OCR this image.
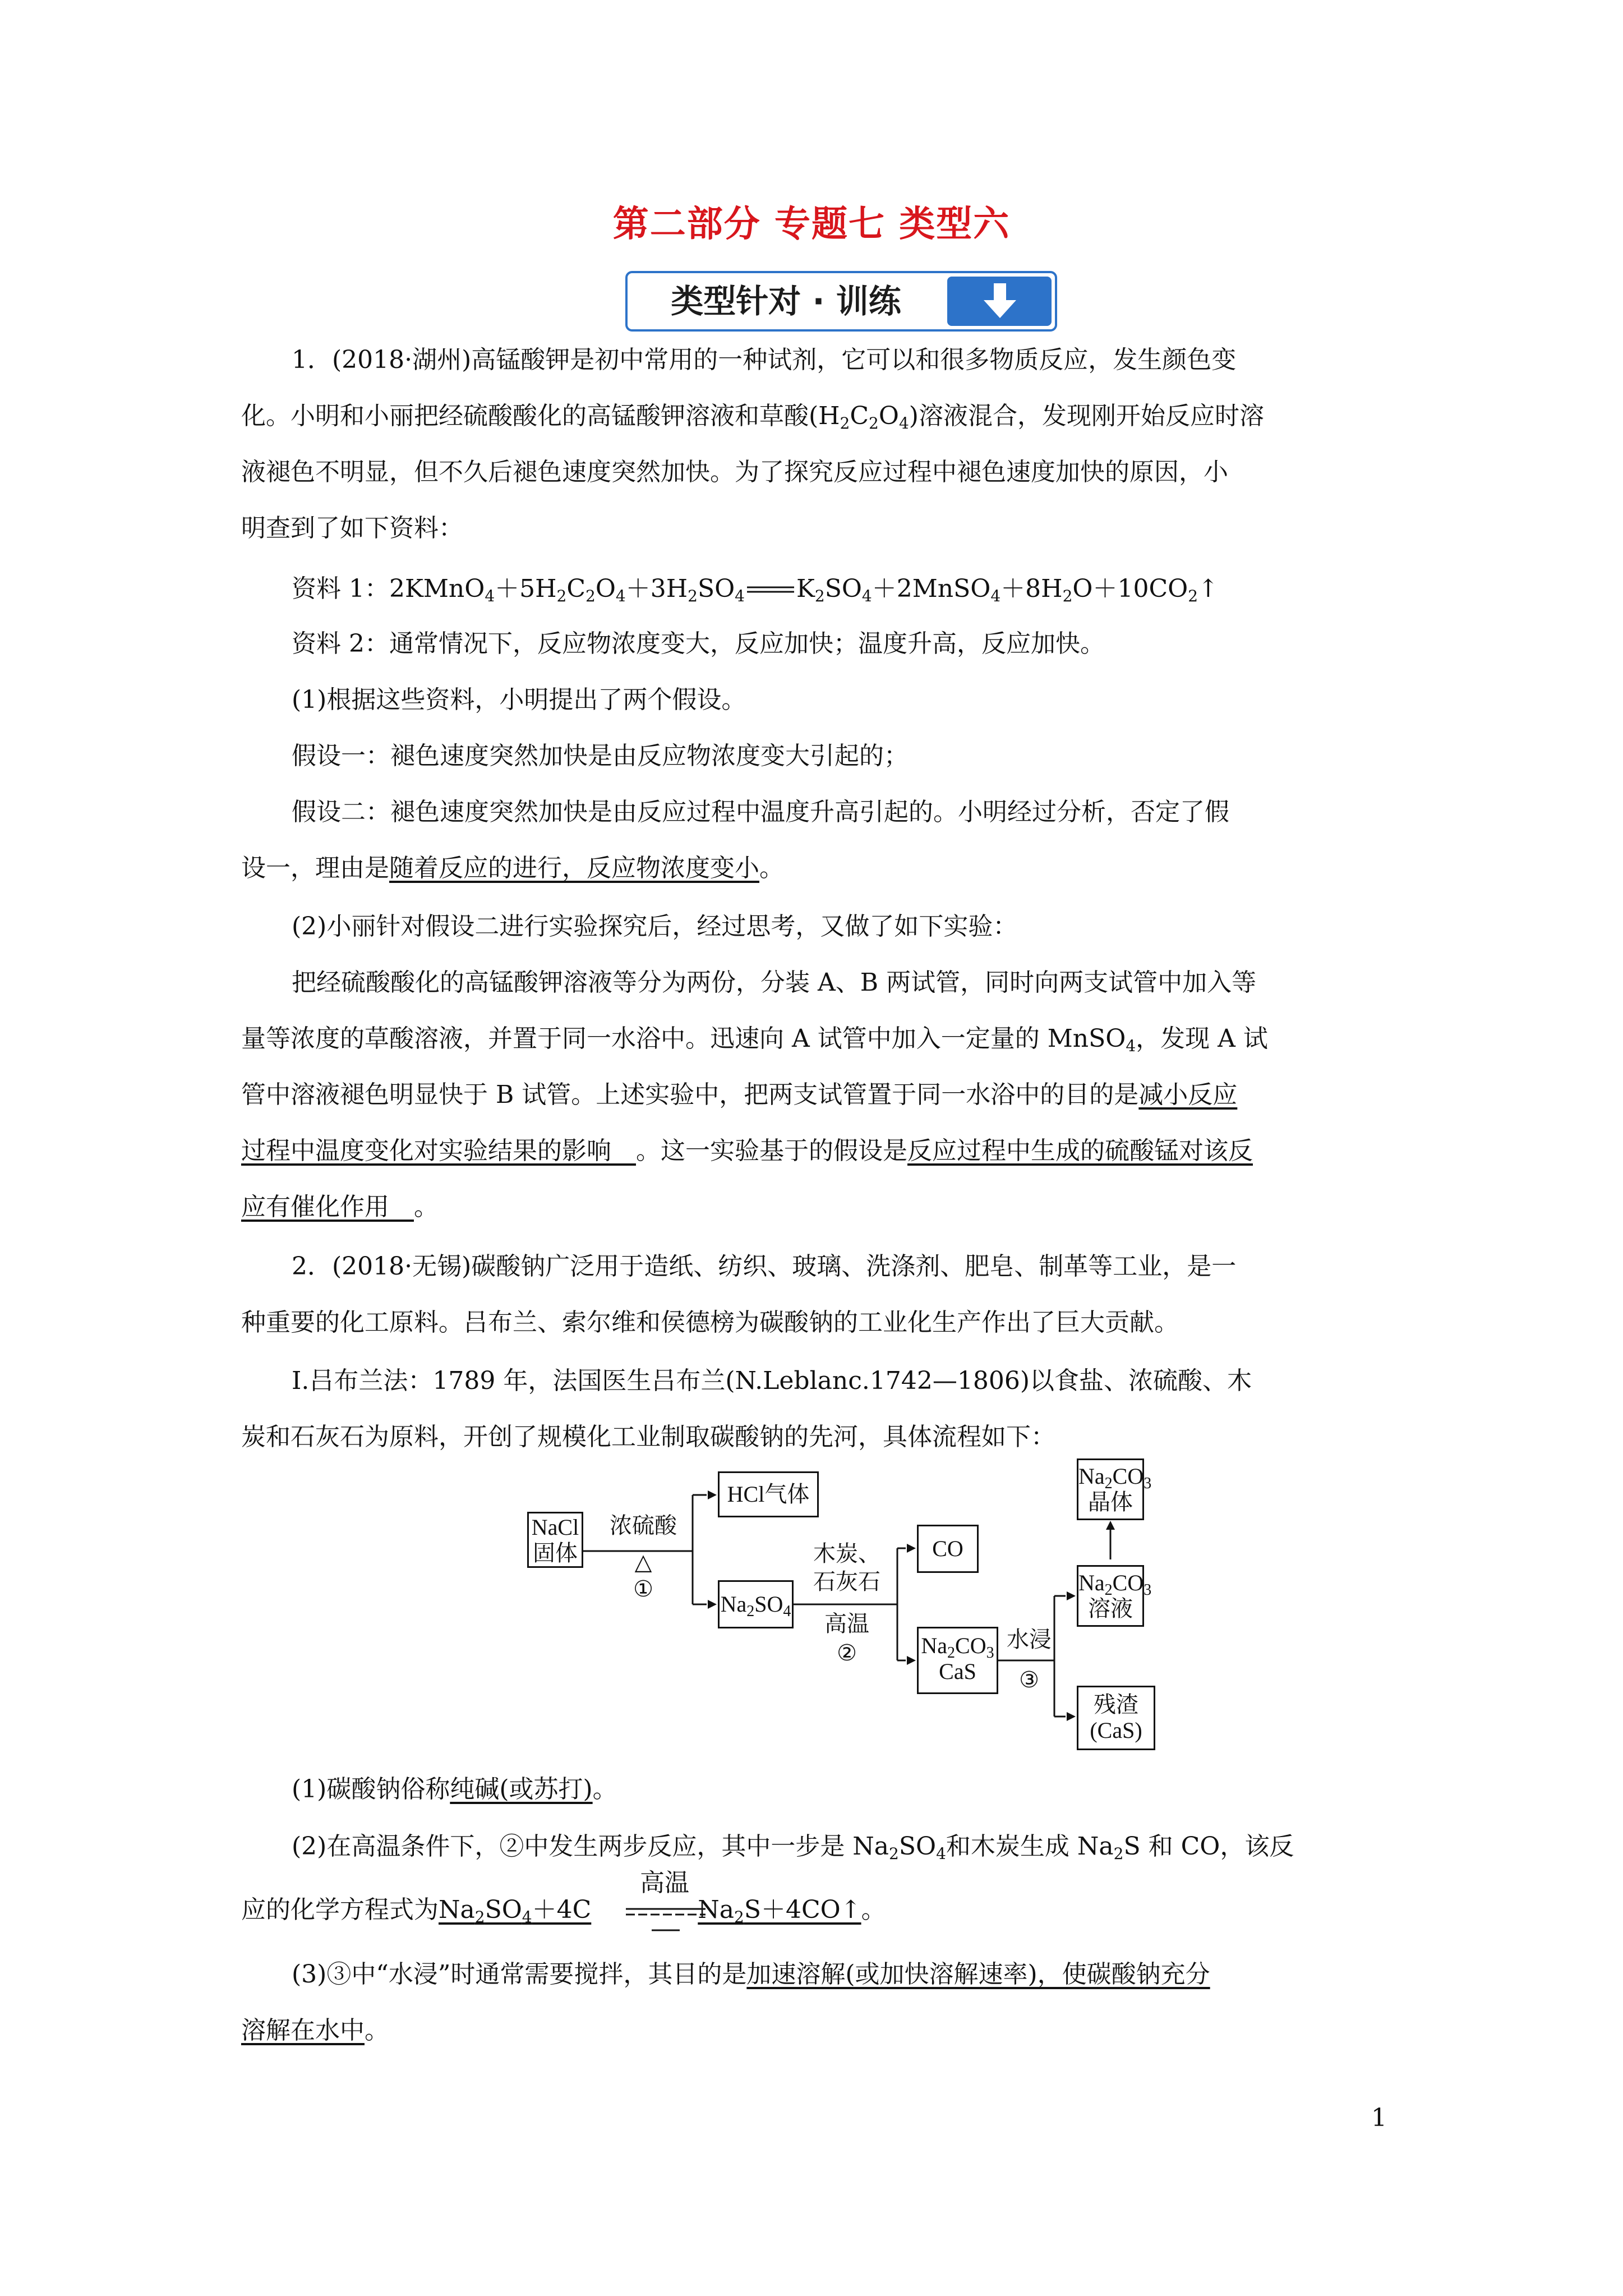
第二部分 专题七 类型六
类型针对 · 训练
1．(2018·湖州)高锰酸钾是初中常用的一种试剂，它可以和很多物质反应，发生颜色变
化。小明和小丽把经硫酸酸化的高锰酸钾溶液和草酸$(H_2C_2O_4)$溶液混合，发现刚开始反应时溶
液褪色不明显，但不久后褪色速度突然加快。为了探究反应过程中褪色速度加快的原因，小
明查到了如下资料：
资料 1：$2KMnO_4+5H_2C_2O_4+3H_2SO_4$ $K_2SO_4+2MnSO_4+8H_2O+10CO_2↑$
资料 2：通常情况下，反应物浓度变大，反应加快；温度升高，反应加快。
(1)根据这些资料，小明提出了两个假设。
假设一：褪色速度突然加快是由反应物浓度变大引起的；
假设二：褪色速度突然加快是由反应过程中温度升高引起的。小明经过分析，否定了假
设一，理由是随着反应的进行，反应物浓度变小。
(2)小丽针对假设二进行实验探究后，经过思考，又做了如下实验：
把经硫酸酸化的高锰酸钾溶液等分为两份，分装 A、B 两试管，同时向两支试管中加入等
量等浓度的草酸溶液，并置于同一水浴中。迅速向 A 试管中加入一定量的 MnSO$_4$，发现 A 试
管中溶液褪色明显快于 B 试管。上述实验中，把两支试管置于同一水浴中的目的是减小反应
过程中温度变化对实验结果的影响　。这一实验基于的假设是反应过程中生成的硫酸锰对该反
应有催化作用　。
2．(2018·无锡)碳酸钠广泛用于造纸、纺织、玻璃、洗涤剂、肥皂、制革等工业，是一
种重要的化工原料。吕布兰、索尔维和侯德榜为碳酸钠的工业化生产作出了巨大贡献。
Ⅰ.吕布兰法：1789 年，法国医生吕布兰(N.Leblanc.1742—1806)以食盐、浓硫酸、木
炭和石灰石为原料，开创了规模化工业制取碳酸钠的先河，具体流程如下：
NaCl
固体
浓硫酸
△
①
HCl气体
$Na_2SO_4$
木炭、
石灰石
高温
②
CO
$Na_2CO_3$
CaS
水浸
③
$Na_2CO_3$
晶体
$Na_2CO_3$
溶液
残渣
(CaS)
(1)碳酸钠俗称纯碱(或苏打)。
(2)在高温条件下，②中发生两步反应，其中一步是 $Na_2SO_4$和木炭生成 $Na_2S$ 和 CO，该反
应的化学方程式为$Na_2SO_4+4C$	$Na_2S+4CO↑$。
高温
(3)③中“水浸”时通常需要搅拌，其目的是加速溶解(或加快溶解速率)，使碳酸钠充分
溶解在水中。
1
